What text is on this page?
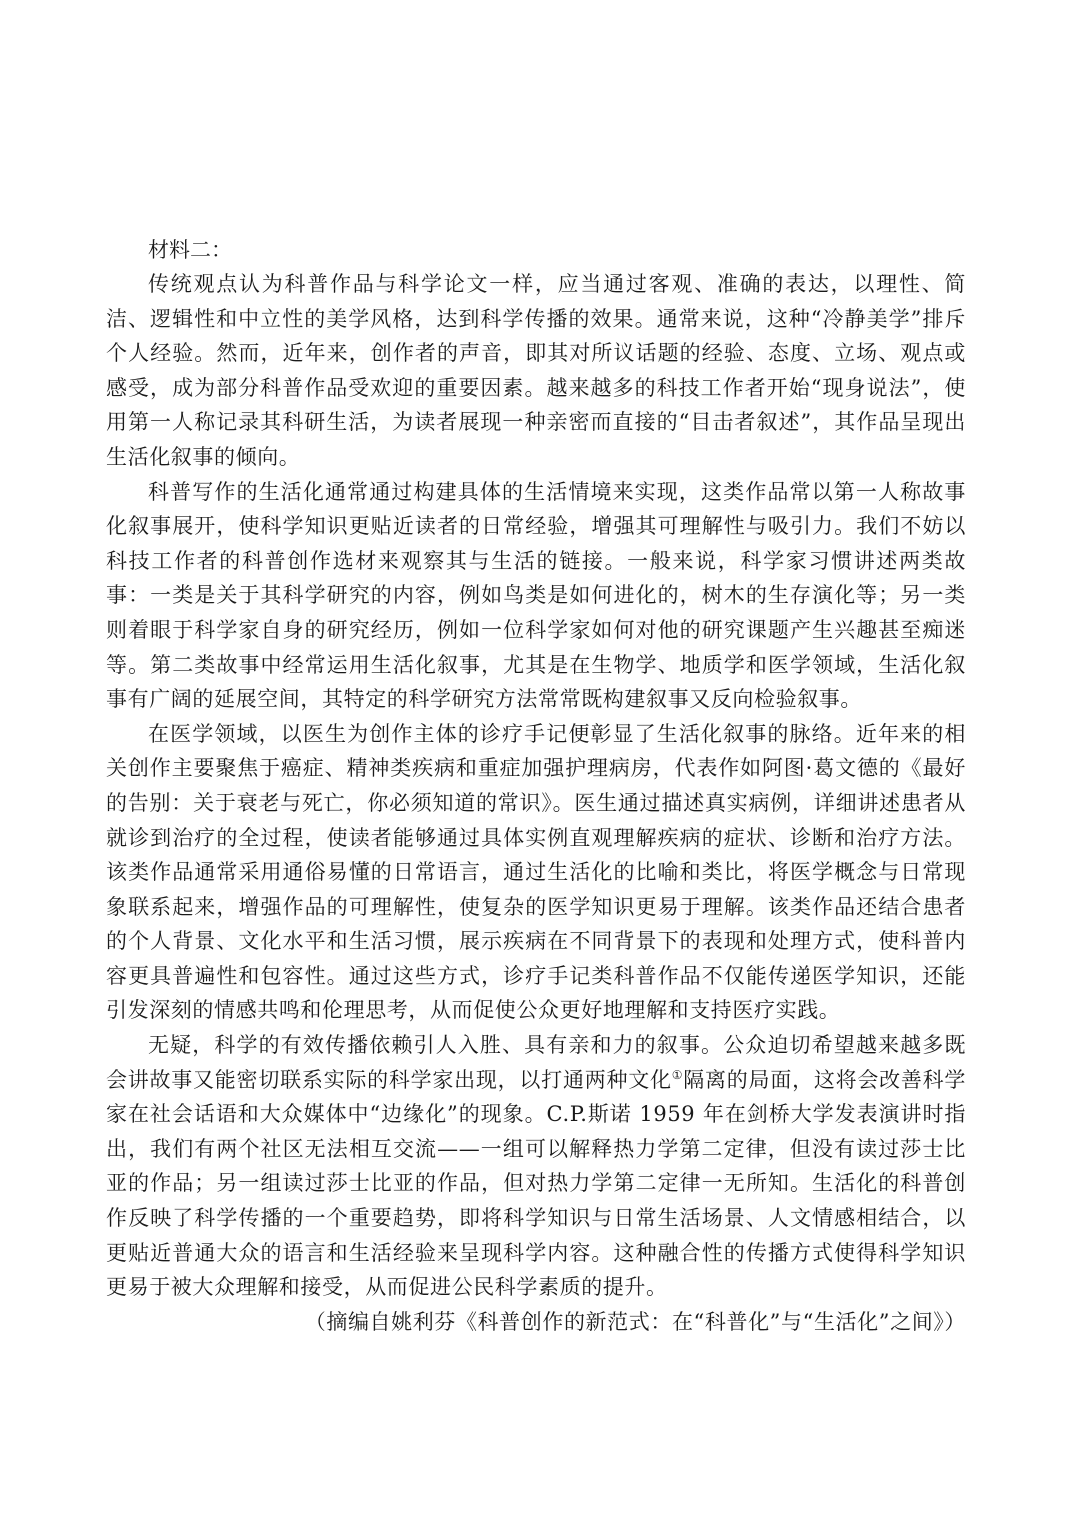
材料二：

传统观点认为科普作品与科学论文一样，应当通过客观、准确的表达，以理性、简洁、逻辑性和中立性的美学风格，达到科学传播的效果。通常来说，这种“冷静美学”排斥个人经验。然而，近年来，创作者的声音，即其对所议话题的经验、态度、立场、观点或感受，成为部分科普作品受欢迎的重要因素。越来越多的科技工作者开始“现身说法”，使用第一人称记录其科研生活，为读者展现一种亲密而直接的“目击者叙述”，其作品呈现出生活化叙事的倾向。

科普写作的生活化通常通过构建具体的生活情境来实现，这类作品常以第一人称故事化叙事展开，使科学知识更贴近读者的日常经验，增强其可理解性与吸引力。我们不妨以科技工作者的科普创作选材来观察其与生活的链接。一般来说，科学家习惯讲述两类故事：一类是关于其科学研究的内容，例如鸟类是如何进化的，树木的生存演化等；另一类则着眼于科学家自身的研究经历，例如一位科学家如何对他的研究课题产生兴趣甚至痴迷等。第二类故事中经常运用生活化叙事，尤其是在生物学、地质学和医学领域，生活化叙事有广阔的延展空间，其特定的科学研究方法常常既构建叙事又反向检验叙事。

在医学领域，以医生为创作主体的诊疗手记便彰显了生活化叙事的脉络。近年来的相关创作主要聚焦于癌症、精神类疾病和重症加强护理病房，代表作如阿图·葛文德的《最好的告别：关于衰老与死亡，你必须知道的常识》。医生通过描述真实病例，详细讲述患者从就诊到治疗的全过程，使读者能够通过具体实例直观理解疾病的症状、诊断和治疗方法。该类作品通常采用通俗易懂的日常语言，通过生活化的比喻和类比，将医学概念与日常现象联系起来，增强作品的可理解性，使复杂的医学知识更易于理解。该类作品还结合患者的个人背景、文化水平和生活习惯，展示疾病在不同背景下的表现和处理方式，使科普内容更具普遍性和包容性。通过这些方式，诊疗手记类科普作品不仅能传递医学知识，还能引发深刻的情感共鸣和伦理思考，从而促使公众更好地理解和支持医疗实践。

无疑，科学的有效传播依赖引人入胜、具有亲和力的叙事。公众迫切希望越来越多既会讲故事又能密切联系实际的科学家出现，以打通两种文化①隔离的局面，这将会改善科学家在社会话语和大众媒体中“边缘化”的现象。C.P.斯诺 1959 年在剑桥大学发表演讲时指出，我们有两个社区无法相互交流——一组可以解释热力学第二定律，但没有读过莎士比亚的作品；另一组读过莎士比亚的作品，但对热力学第二定律一无所知。生活化的科普创作反映了科学传播的一个重要趋势，即将科学知识与日常生活场景、人文情感相结合，以更贴近普通大众的语言和生活经验来呈现科学内容。这种融合性的传播方式使得科学知识更易于被大众理解和接受，从而促进公民科学素质的提升。

（摘编自姚利芬《科普创作的新范式：在“科普化”与“生活化”之间》）
